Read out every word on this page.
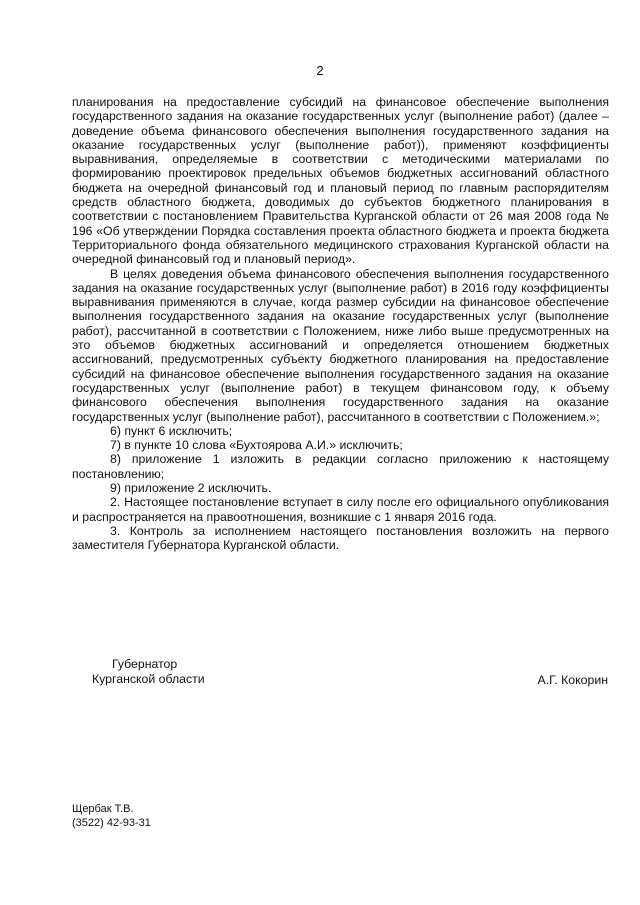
2

планирования на предоставление субсидий на финансовое обеспечение выполнения государственного задания на оказание государственных услуг (выполнение работ) (далее – доведение объема финансового обеспечения выполнения государственного задания на оказание государственных услуг (выполнение работ)), применяют коэффициенты выравнивания, определяемые в соответствии с методическими материалами по формированию проектировок предельных объемов бюджетных ассигнований областного бюджета на очередной финансовый год и плановый период по главным распорядителям средств областного бюджета, доводимых до субъектов бюджетного планирования в соответствии с постановлением Правительства Курганской области от 26 мая 2008 года № 196 «Об утверждении Порядка составления проекта областного бюджета и проекта бюджета Территориального фонда обязательного медицинского страхования Курганской области на очередной финансовый год и плановый период».

В целях доведения объема финансового обеспечения выполнения государственного задания на оказание государственных услуг (выполнение работ) в 2016 году коэффициенты выравнивания применяются в случае, когда размер субсидии на финансовое обеспечение выполнения государственного задания на оказание государственных услуг (выполнение работ), рассчитанной в соответствии с Положением, ниже либо выше предусмотренных на это объемов бюджетных ассигнований и определяется отношением бюджетных ассигнований, предусмотренных субъекту бюджетного планирования на предоставление субсидий на финансовое обеспечение выполнения государственного задания на оказание государственных услуг (выполнение работ) в текущем финансовом году, к объему финансового обеспечения выполнения государственного задания на оказание государственных услуг (выполнение работ), рассчитанного в соответствии с Положением.»;

6) пункт 6 исключить;

7) в пункте 10 слова «Бухтоярова А.И.» исключить;

8) приложение 1 изложить в редакции согласно приложению к настоящему постановлению;

9) приложение 2 исключить.

2. Настоящее постановление вступает в силу после его официального опубликования и распространяется на правоотношения, возникшие с 1 января 2016 года.

3. Контроль за исполнением настоящего постановления возложить на первого заместителя Губернатора Курганской области.

Губернатор
Курганской области	А.Г. Кокорин
Щербак Т.В.
(3522) 42-93-31
